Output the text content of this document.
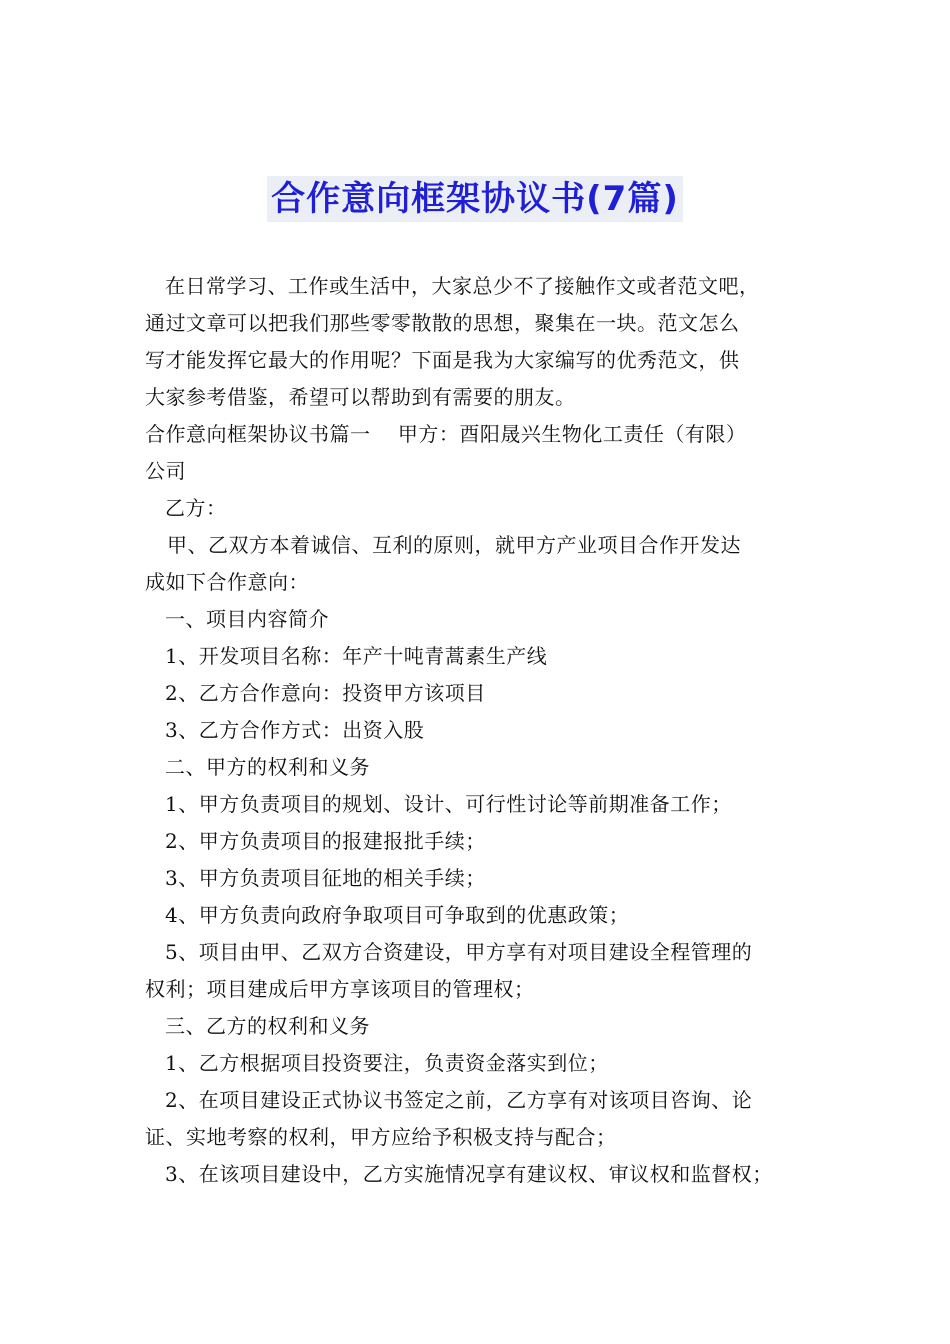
合作意向框架协议书(7篇)
在日常学习、工作或生活中，大家总少不了接触作文或者范文吧，
通过文章可以把我们那些零零散散的思想，聚集在一块。范文怎么
写才能发挥它最大的作用呢？下面是我为大家编写的优秀范文，供
大家参考借鉴，希望可以帮助到有需要的朋友。
合作意向框架协议书篇一    甲方：酉阳晟兴生物化工责任（有限）
公司
乙方：
甲、乙双方本着诚信、互利的原则，就甲方产业项目合作开发达
成如下合作意向：
一、项目内容简介
1、开发项目名称：年产十吨青蒿素生产线
2、乙方合作意向：投资甲方该项目
3、乙方合作方式：出资入股
二、甲方的权利和义务
1、甲方负责项目的规划、设计、可行性讨论等前期准备工作；
2、甲方负责项目的报建报批手续；
3、甲方负责项目征地的相关手续；
4、甲方负责向政府争取项目可争取到的优惠政策；
5、项目由甲、乙双方合资建设，甲方享有对项目建设全程管理的
权利；项目建成后甲方享该项目的管理权；
三、乙方的权利和义务
1、乙方根据项目投资要注，负责资金落实到位；
2、在项目建设正式协议书签定之前，乙方享有对该项目咨询、论
证、实地考察的权利，甲方应给予积极支持与配合；
3、在该项目建设中，乙方实施情况享有建议权、审议权和监督权；
